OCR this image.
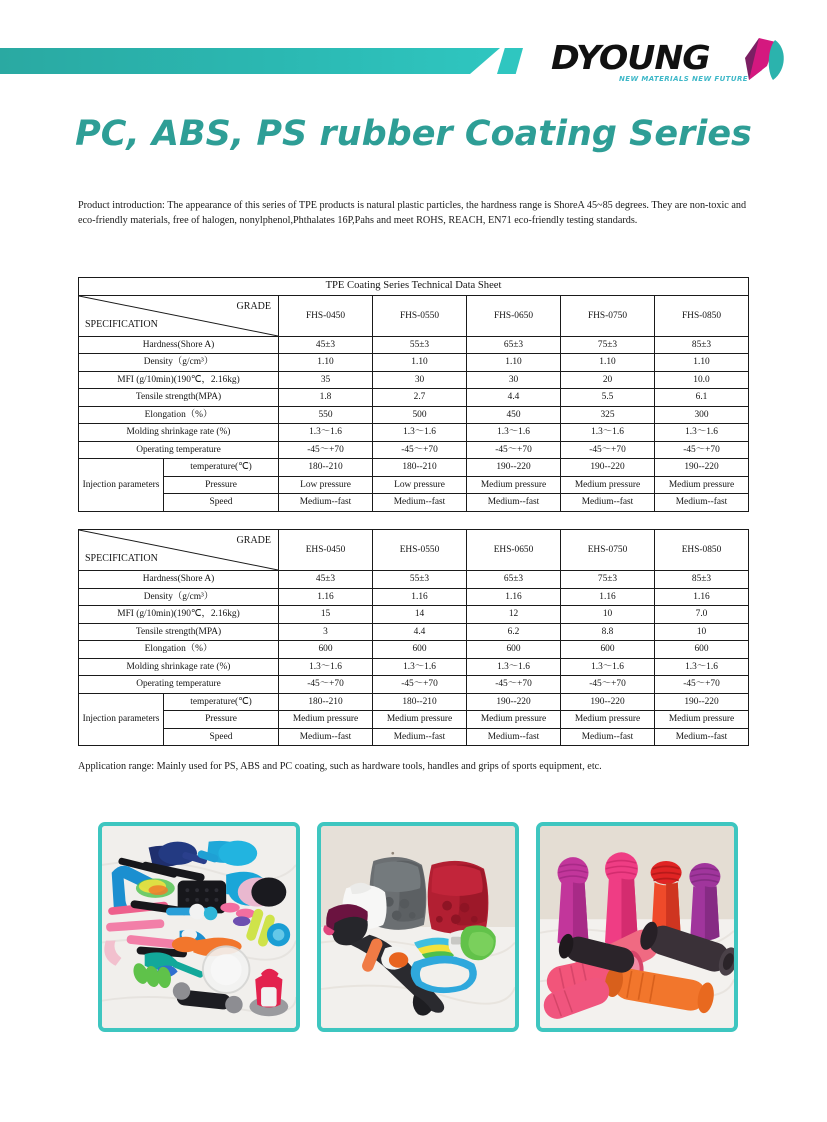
DYOUNG
NEW MATERIALS NEW FUTURE
PC, ABS, PS rubber Coating Series
Product introduction: The appearance of this series of TPE products is natural plastic particles, the hardness range is ShoreA 45~85 degrees. They are non-toxic and eco-friendly materials, free of halogen, nonylphenol,Phthalates 16P,Pahs and meet ROHS, REACH, EN71 eco-friendly testing standards.
TPE Coating Series Technical Data Sheet						

GRADE
SPECIFICATION		FHS-0450	FHS-0550	FHS-0650	FHS-0750	FHS-0850
Hardness(Shore A)		45±3	55±3	65±3	75±3	85±3
Density（g/cm³）		1.10	1.10	1.10	1.10	1.10
MFI (g/10min)(190℃，2.16kg)		35	30	30	20	10.0
Tensile strength(MPA)		1.8	2.7	4.4	5.5	6.1
Elongation（%）		550	500	450	325	300
Molding shrinkage rate (%)		1.3～1.6	1.3～1.6	1.3～1.6	1.3～1.6	1.3～1.6
Operating temperature		-45～+70	-45～+70	-45～+70	-45～+70	-45～+70
Injection parameters	temperature(℃)	180--210	180--210	190--220	190--220	190--220
	Pressure	Low pressure	Low pressure	Medium pressure	Medium pressure	Medium pressure
	Speed	Medium--fast	Medium--fast	Medium--fast	Medium--fast	Medium--fast
GRADE
SPECIFICATION		EHS-0450	EHS-0550	EHS-0650	EHS-0750	EHS-0850
Hardness(Shore A)		45±3	55±3	65±3	75±3	85±3
Density（g/cm³）		1.16	1.16	1.16	1.16	1.16
MFI (g/10min)(190℃，2.16kg)		15	14	12	10	7.0
Tensile strength(MPA)		3	4.4	6.2	8.8	10
Elongation（%）		600	600	600	600	600
Molding shrinkage rate (%)		1.3～1.6	1.3～1.6	1.3～1.6	1.3～1.6	1.3～1.6
Operating temperature		-45～+70	-45～+70	-45～+70	-45～+70	-45～+70
Injection parameters	temperature(℃)	180--210	180--210	190--220	190--220	190--220
	Pressure	Medium pressure	Medium pressure	Medium pressure	Medium pressure	Medium pressure
	Speed	Medium--fast	Medium--fast	Medium--fast	Medium--fast	Medium--fast
Application range: Mainly used for PS, ABS and PC coating, such as hardware tools, handles and grips of sports equipment, etc.
